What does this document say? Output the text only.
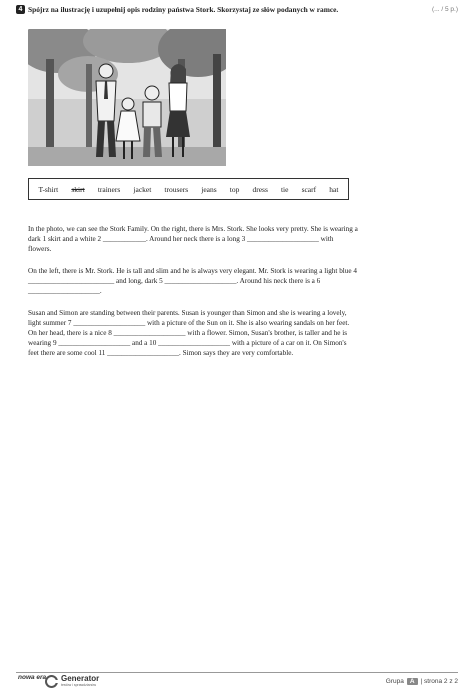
4 Spójrz na ilustrację i uzupełnij opis rodziny państwa Stork. Skorzystaj ze słów podanych w ramce.	(... / 5 p.)
T-shirt skirt trainers jacket trousers jeans top dress tie scarf hat
In the photo, we can see the Stork Family. On the right, there is Mrs. Stork. She looks very pretty. She is wearing a dark 1 skirt and a white 2 ____________. Around her neck there is a long 3 ____________________ with flowers.
On the left, there is Mr. Stork. He is tall and slim and he is always very elegant. Mr. Stork is wearing a light blue 4 ________________________ and long, dark 5 ____________________. Around his neck there is a 6 ____________________.
Susan and Simon are standing between their parents. Susan is younger than Simon and she is wearing a lovely, light summer 7 ____________________ with a picture of the Sun on it. She is also wearing sandals on her feet. On her head, there is a nice 8 ____________________ with a flower. Simon, Susan's brother, is taller and he is wearing 9 ____________________ and a 10 ____________________ with a picture of a car on it. On Simon's feet there are some cool 11 ____________________. Simon says they are very comfortable.
nowa era Generator
testów i sprawdzianów	Grupa A | strona 2 z 2
